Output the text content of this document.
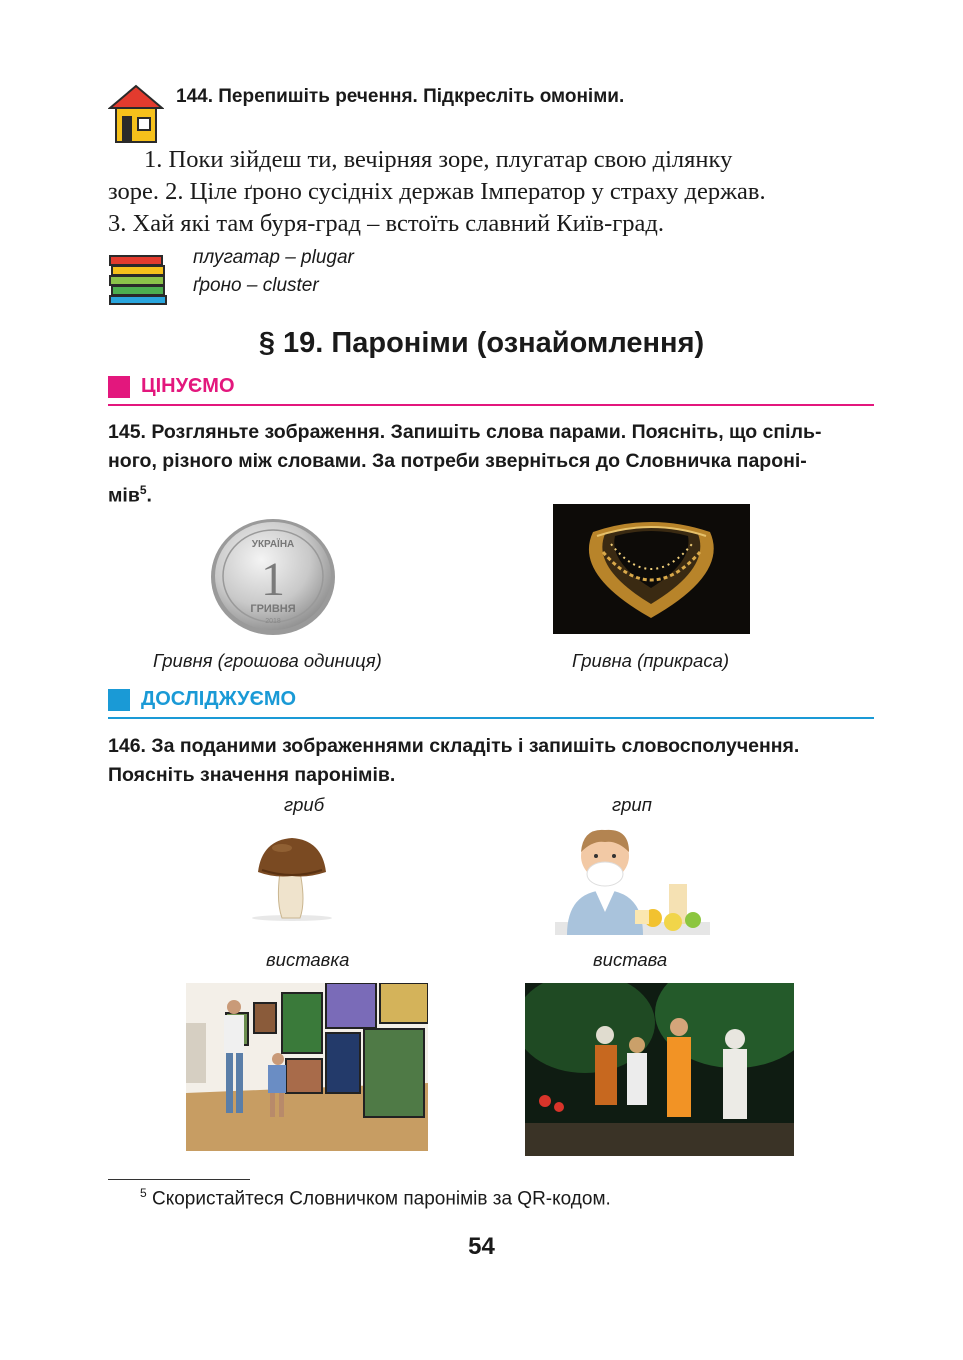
144. Перепишіть речення. Підкресліть омоніми.

1. Поки зійдеш ти, вечірняя зоре, плугатар свою ділянку

зоре. 2. Ціле ґроно сусідніх держав Імператор у страху держав.

3. Хай які там буря-град – встоїть славний Київ-град.

плугатар – plugar
ґроно – cluster
§ 19. Пароніми (ознайомлення)
ЦІНУЄМО
145. Розгляньте зображення. Запишіть слова парами. Поясніть, що спіль-
ного, різного між словами. За потреби зверніться до Словничка пароні-
мів$^5$.
УКРАЇНА
1
ГРИВНЯ
2018
Гривня (грошова одиниця)	Гривна (прикраса)
ДОСЛІДЖУЄМО
146. За поданими зображеннями складіть і запишіть словосполучення.
Поясніть значення паронімів.
гриб	грип
виставка	вистава
$^5$ Скористайтеся Словничком паронімів за QR-кодом.
54
